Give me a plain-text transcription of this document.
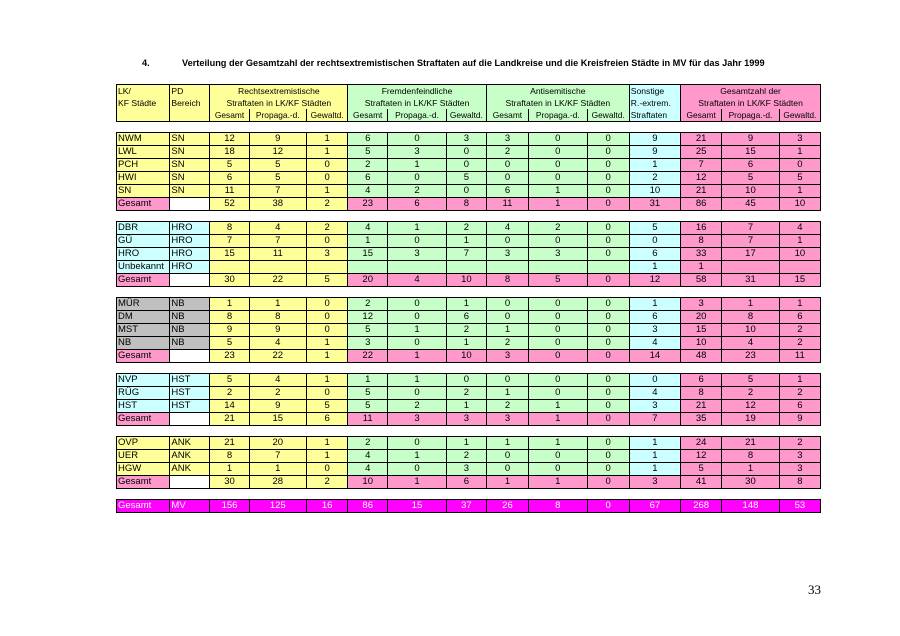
4.	Verteilung der Gesamtzahl der rechtsextremistischen Straftaten auf die Landkreise und die Kreisfreien Städte in MV für das Jahr 1999
LK/	PD	Rechtsextremistische			Fremdenfeindliche			Antisemitische			Sonstige	Gesamtzahl der		
KF Städte	Bereich	Straftaten in LK/KF Städten			Straftaten in LK/KF Städten			Straftaten in LK/KF Städten			R.-extrem.	Straftaten in LK/KF Städten		
		Gesamt	Propaga.-d.	Gewaltd.	Gesamt	Propaga.-d.	Gewaltd.	Gesamt	Propaga.-d.	Gewaltd.	Straftaten	Gesamt	Propaga.-d.	Gewaltd.

NWM	SN	12	9	1	6	0	3	3	0	0	9	21	9	3
LWL	SN	18	12	1	5	3	0	2	0	0	9	25	15	1
PCH	SN	5	5	0	2	1	0	0	0	0	1	7	6	0
HWI	SN	6	5	0	6	0	5	0	0	0	2	12	5	5
SN	SN	11	7	1	4	2	0	6	1	0	10	21	10	1
Gesamt		52	38	2	23	6	8	11	1	0	31	86	45	10

DBR	HRO	8	4	2	4	1	2	4	2	0	5	16	7	4
GÜ	HRO	7	7	0	1	0	1	0	0	0	0	8	7	1
HRO	HRO	15	11	3	15	3	7	3	3	0	6	33	17	10
Unbekannt	HRO										1	1		
Gesamt		30	22	5	20	4	10	8	5	0	12	58	31	15

MÜR	NB	1	1	0	2	0	1	0	0	0	1	3	1	1
DM	NB	8	8	0	12	0	6	0	0	0	6	20	8	6
MST	NB	9	9	0	5	1	2	1	0	0	3	15	10	2
NB	NB	5	4	1	3	0	1	2	0	0	4	10	4	2
Gesamt		23	22	1	22	1	10	3	0	0	14	48	23	11

NVP	HST	5	4	1	1	1	0	0	0	0	0	6	5	1
RÜG	HST	2	2	0	5	0	2	1	0	0	4	8	2	2
HST	HST	14	9	5	5	2	1	2	1	0	3	21	12	6
Gesamt		21	15	6	11	3	3	3	1	0	7	35	19	9

OVP	ANK	21	20	1	2	0	1	1	1	0	1	24	21	2
UER	ANK	8	7	1	4	1	2	0	0	0	1	12	8	3
HGW	ANK	1	1	0	4	0	3	0	0	0	1	5	1	3
Gesamt		30	28	2	10	1	6	1	1	0	3	41	30	8

Gesamt	MV	156	125	16	86	15	37	26	8	0	67	268	148	53
33
